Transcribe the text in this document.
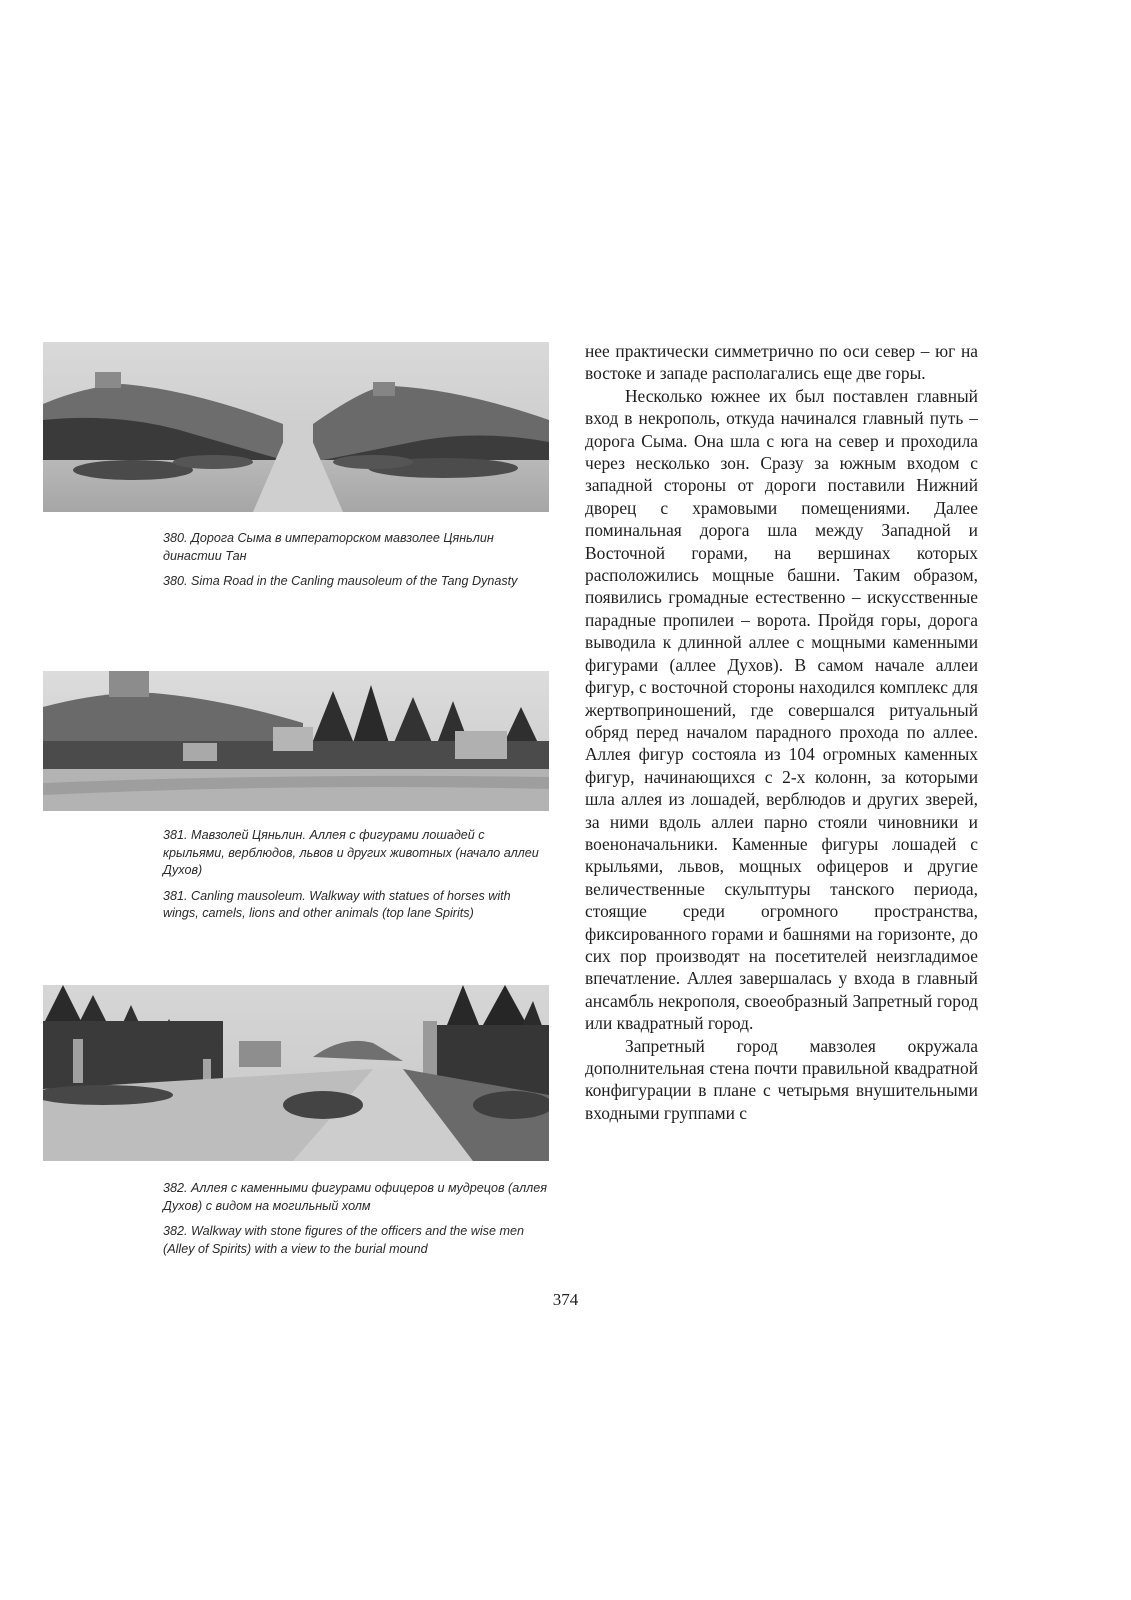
380. Дорога Сыма в императорском мавзолее Цяньлин династии Тан

380. Sima Road in the Canling mausoleum of the Tang Dynasty

381. Мавзолей Цяньлин. Аллея с фигурами лошадей с крыльями, верблюдов, львов и других животных (начало аллеи Духов)

381. Canling mausoleum. Walkway with statues of horses with wings, camels, lions and other animals (top lane Spirits)

382. Аллея с каменными фигурами офицеров и мудрецов (аллея Духов) с видом на могильный холм

382. Walkway with stone figures of the officers and the wise men (Alley of Spirits) with a view to the burial mound

нее практически симметрично по оси север – юг на востоке и западе располагались еще две горы.

Несколько южнее их был поставлен главный вход в некрополь, откуда начинался главный путь – дорога Сыма. Она шла с юга на север и проходила через несколько зон. Сразу за южным входом с западной стороны от дороги поставили Нижний дворец с храмовыми помещениями. Далее поминальная дорога шла между Западной и Восточной горами, на вершинах которых расположились мощные башни. Таким образом, появились громадные естественно – искусственные парадные пропилеи – ворота. Пройдя горы, дорога выводила к длинной аллее с мощными каменными фигурами (аллее Духов). В самом начале аллеи фигур, с восточной стороны находился комплекс для жертвоприношений, где совершался ритуальный обряд перед началом парадного прохода по аллее. Аллея фигур состояла из 104 огромных каменных фигур, начинающихся с 2-х колонн, за которыми шла аллея из лошадей, верблюдов и других зверей, за ними вдоль аллеи парно стояли чиновники и военоначальники. Каменные фигуры лошадей с крыльями, львов, мощных офицеров и другие величественные скульптуры танского периода, стоящие среди огромного пространства, фиксированного горами и башнями на горизонте, до сих пор производят на посетителей неизгладимое впечатление. Аллея завершалась у входа в главный ансамбль некрополя, своеобразный Запретный город или квадратный город.

Запретный город мавзолея окружала дополнительная стена почти правильной квадратной конфигурации в плане с четырьмя внушительными входными группами с

374
